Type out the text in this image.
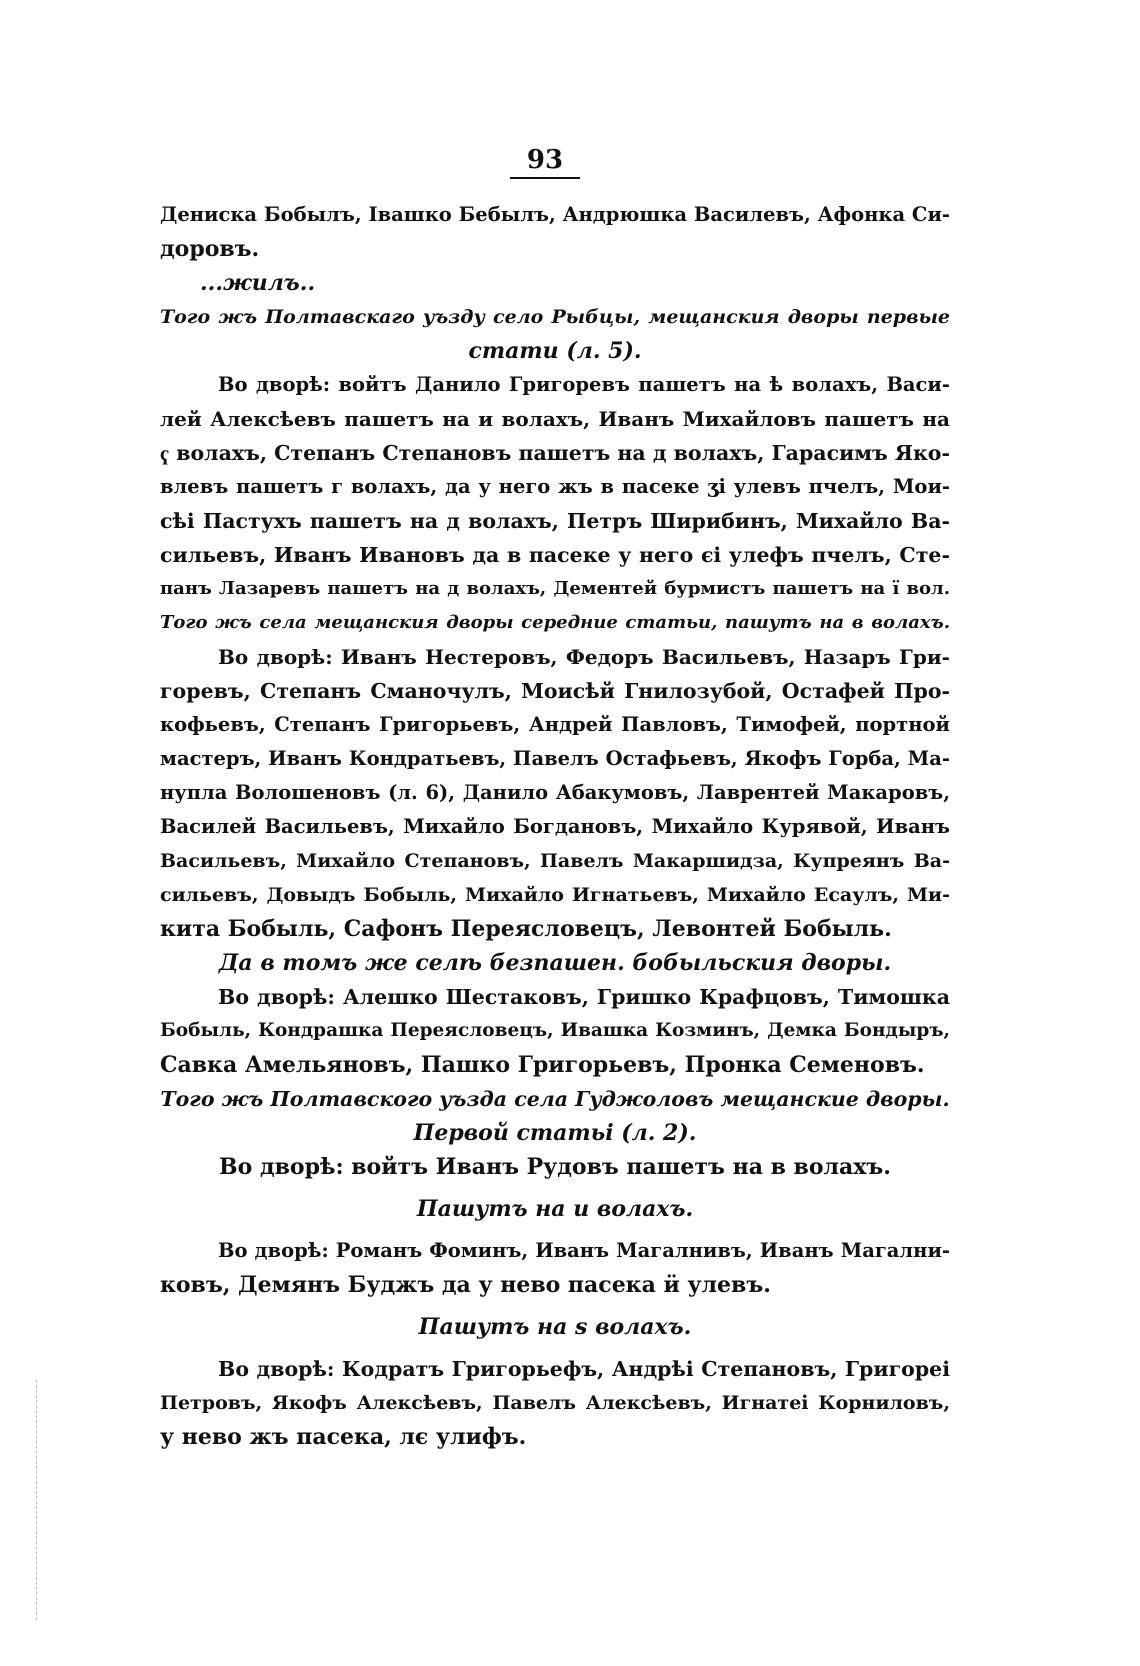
93
Дениска Бобылъ, Івашко Бебылъ, Андрюшка Василевъ, Афонка Си-
доровъ.
...жилъ..
Того жъ Полтавскаго уъзду село Рыбцы, мещанския дворы первые
стати (л. 5).
Во дворѣ: войтъ Данило Григоревъ пашетъ на ѣ волахъ, Васи-
лей Алексѣевъ пашетъ на и волахъ, Иванъ Михайловъ пашетъ на
ҁ волахъ, Степанъ Степановъ пашетъ на д волахъ, Гарасимъ Яко-
влевъ пашетъ г волахъ, да у него жъ в пасеке ӡі улевъ пчелъ, Мои-
сѣі Пастухъ пашетъ на д волахъ, Петръ Ширибинъ, Михайло Ва-
сильевъ, Иванъ Ивановъ да в пасеке у него єі улефъ пчелъ, Сте-
панъ Лазаревъ пашетъ на д волахъ, Дементей бурмистъ пашетъ на ї вол.
Того жъ села мещанския дворы середние статьи, пашутъ на в волахъ.
Во дворѣ: Иванъ Нестеровъ, Федоръ Васильевъ, Назаръ Гри-
горевъ, Степанъ Сманочулъ, Моисѣй Гнилозубой, Остафей Про-
кофьевъ, Степанъ Григорьевъ, Андрей Павловъ, Тимофей, портной
мастеръ, Иванъ Кондратьевъ, Павелъ Остафьевъ, Якофъ Горба, Ма-
нупла Волошеновъ (л. 6), Данило Абакумовъ, Лаврентей Макаровъ,
Василей Васильевъ, Михайло Богдановъ, Михайло Курявой, Иванъ
Васильевъ, Михайло Степановъ, Павелъ Макаршидза, Купреянъ Ва-
сильевъ, Довыдъ Бобыль, Михайло Игнатьевъ, Михайло Есаулъ, Ми-
кита Бобыль, Сафонъ Переясловецъ, Левонтей Бобыль.
Да в томъ же селѣ безпашен. бобыльския дворы.
Во дворѣ: Алешко Шестаковъ, Гришко Крафцовъ, Тимошка
Бобыль, Кондрашка Переясловецъ, Ивашка Козминъ, Демка Бондыръ,
Савка Амельяновъ, Пашко Григорьевъ, Пронка Семеновъ.
Того жъ Полтавского уъзда села Гуджоловъ мещанские дворы.
Первой статьі (л. 2).
Во дворѣ: войтъ Иванъ Рудовъ пашетъ на в волахъ.
Пашутъ на и волахъ.
Во дворѣ: Романъ Фоминъ, Иванъ Магалнивъ, Иванъ Магални-
ковъ, Демянъ Буджъ да у нево пасека ӥ улевъ.
Пашутъ на ѕ волахъ.
Во дворѣ: Кодратъ Григорьефъ, Андрѣі Степановъ, Григореі
Петровъ, Якофъ Алексѣевъ, Павелъ Алексѣевъ, Игнатеі Корниловъ,
у нево жъ пасека, лє улифъ.
